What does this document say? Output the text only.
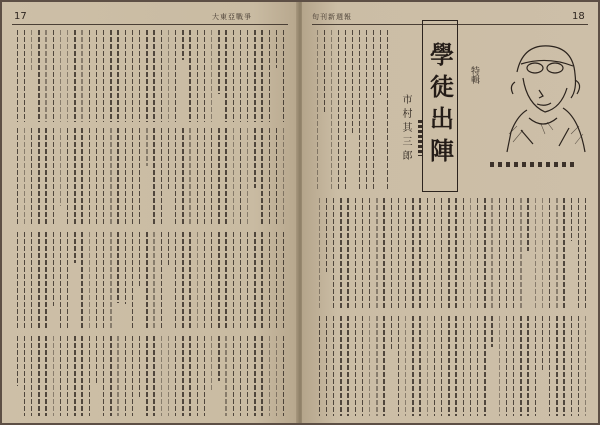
17	大東亞戰爭	旬刊新週報	18
學徒出陣	特輯
市村其三郎
